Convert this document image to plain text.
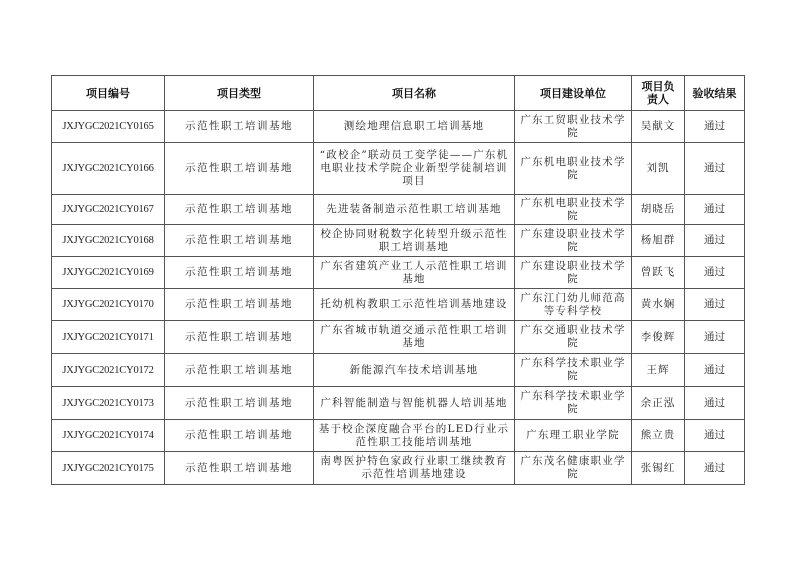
项目编号	项目类型	项目名称	项目建设单位	项目负责人	验收结果
JXJYGC2021CY0165	示范性职工培训基地	测绘地理信息职工培训基地	广东工贸职业技术学院	吴献文	通过
JXJYGC2021CY0166	示范性职工培训基地	“政校企”联动员工变学徒——广东机电职业技术学院企业新型学徒制培训项目	广东机电职业技术学院	刘凯	通过
JXJYGC2021CY0167	示范性职工培训基地	先进装备制造示范性职工培训基地	广东机电职业技术学院	胡晓岳	通过
JXJYGC2021CY0168	示范性职工培训基地	校企协同财税数字化转型升级示范性职工培训基地	广东建设职业技术学院	杨旭群	通过
JXJYGC2021CY0169	示范性职工培训基地	广东省建筑产业工人示范性职工培训基地	广东建设职业技术学院	曾跃飞	通过
JXJYGC2021CY0170	示范性职工培训基地	托幼机构教职工示范性培训基地建设	广东江门幼儿师范高等专科学校	黄水娴	通过
JXJYGC2021CY0171	示范性职工培训基地	广东省城市轨道交通示范性职工培训基地	广东交通职业技术学院	李俊辉	通过
JXJYGC2021CY0172	示范性职工培训基地	新能源汽车技术培训基地	广东科学技术职业学院	王辉	通过
JXJYGC2021CY0173	示范性职工培训基地	广科智能制造与智能机器人培训基地	广东科学技术职业学院	余正泓	通过
JXJYGC2021CY0174	示范性职工培训基地	基于校企深度融合平台的LED行业示范性职工技能培训基地	广东理工职业学院	熊立贵	通过
JXJYGC2021CY0175	示范性职工培训基地	南粤医护特色家政行业职工继续教育示范性培训基地建设	广东茂名健康职业学院	张锡红	通过
